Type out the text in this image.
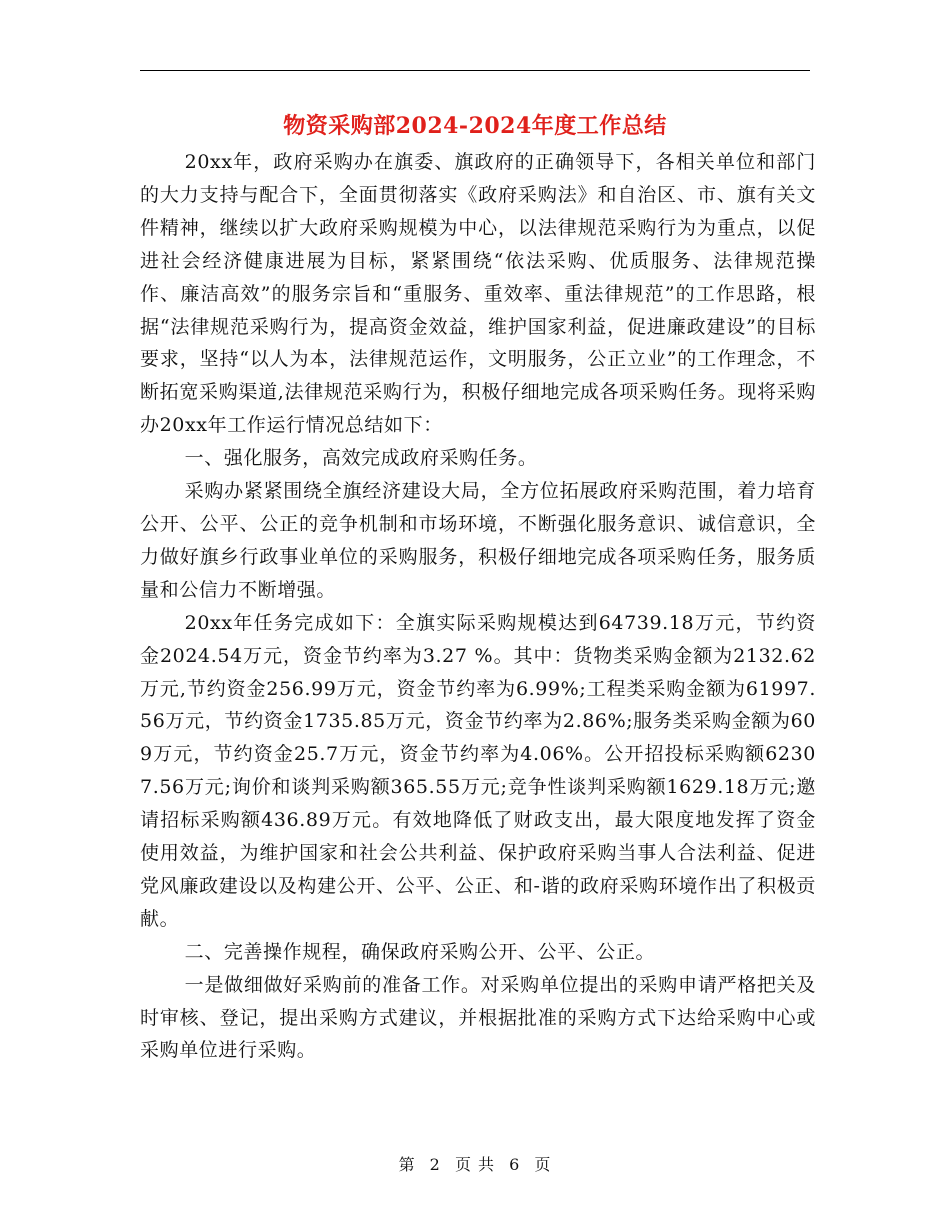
物资采购部2024-2024年度工作总结

20xx年，政府采购办在旗委、旗政府的正确领导下，各相关单位和部门的大力支持与配合下，全面贯彻落实《政府采购法》和自治区、市、旗有关文件精神，继续以扩大政府采购规模为中心，以法律规范采购行为为重点，以促进社会经济健康进展为目标，紧紧围绕“依法采购、优质服务、法律规范操作、廉洁高效”的服务宗旨和“重服务、重效率、重法律规范”的工作思路，根据“法律规范采购行为，提高资金效益，维护国家利益，促进廉政建设”的目标要求，坚持“以人为本，法律规范运作，文明服务，公正立业”的工作理念，不断拓宽采购渠道,法律规范采购行为，积极仔细地完成各项采购任务。现将采购办20xx年工作运行情况总结如下：

一、强化服务，高效完成政府采购任务。

采购办紧紧围绕全旗经济建设大局，全方位拓展政府采购范围，着力培育公开、公平、公正的竞争机制和市场环境，不断强化服务意识、诚信意识，全力做好旗乡行政事业单位的采购服务，积极仔细地完成各项采购任务，服务质量和公信力不断增强。

20xx年任务完成如下：全旗实际采购规模达到64739.18万元，节约资金2024.54万元，资金节约率为3.27 %。其中：货物类采购金额为2132.62万元,节约资金256.99万元，资金节约率为6.99%;工程类采购金额为61997.56万元，节约资金1735.85万元，资金节约率为2.86%;服务类采购金额为609万元，节约资金25.7万元，资金节约率为4.06%。公开招投标采购额62307.56万元;询价和谈判采购额365.55万元;竞争性谈判采购额1629.18万元;邀请招标采购额436.89万元。有效地降低了财政支出，最大限度地发挥了资金使用效益，为维护国家和社会公共利益、保护政府采购当事人合法利益、促进党风廉政建设以及构建公开、公平、公正、和-谐的政府采购环境作出了积极贡献。

二、完善操作规程，确保政府采购公开、公平、公正。

一是做细做好采购前的准备工作。对采购单位提出的采购申请严格把关及时审核、登记，提出采购方式建议，并根据批准的采购方式下达给采购中心或采购单位进行采购。

第 2 页 共 6 页
